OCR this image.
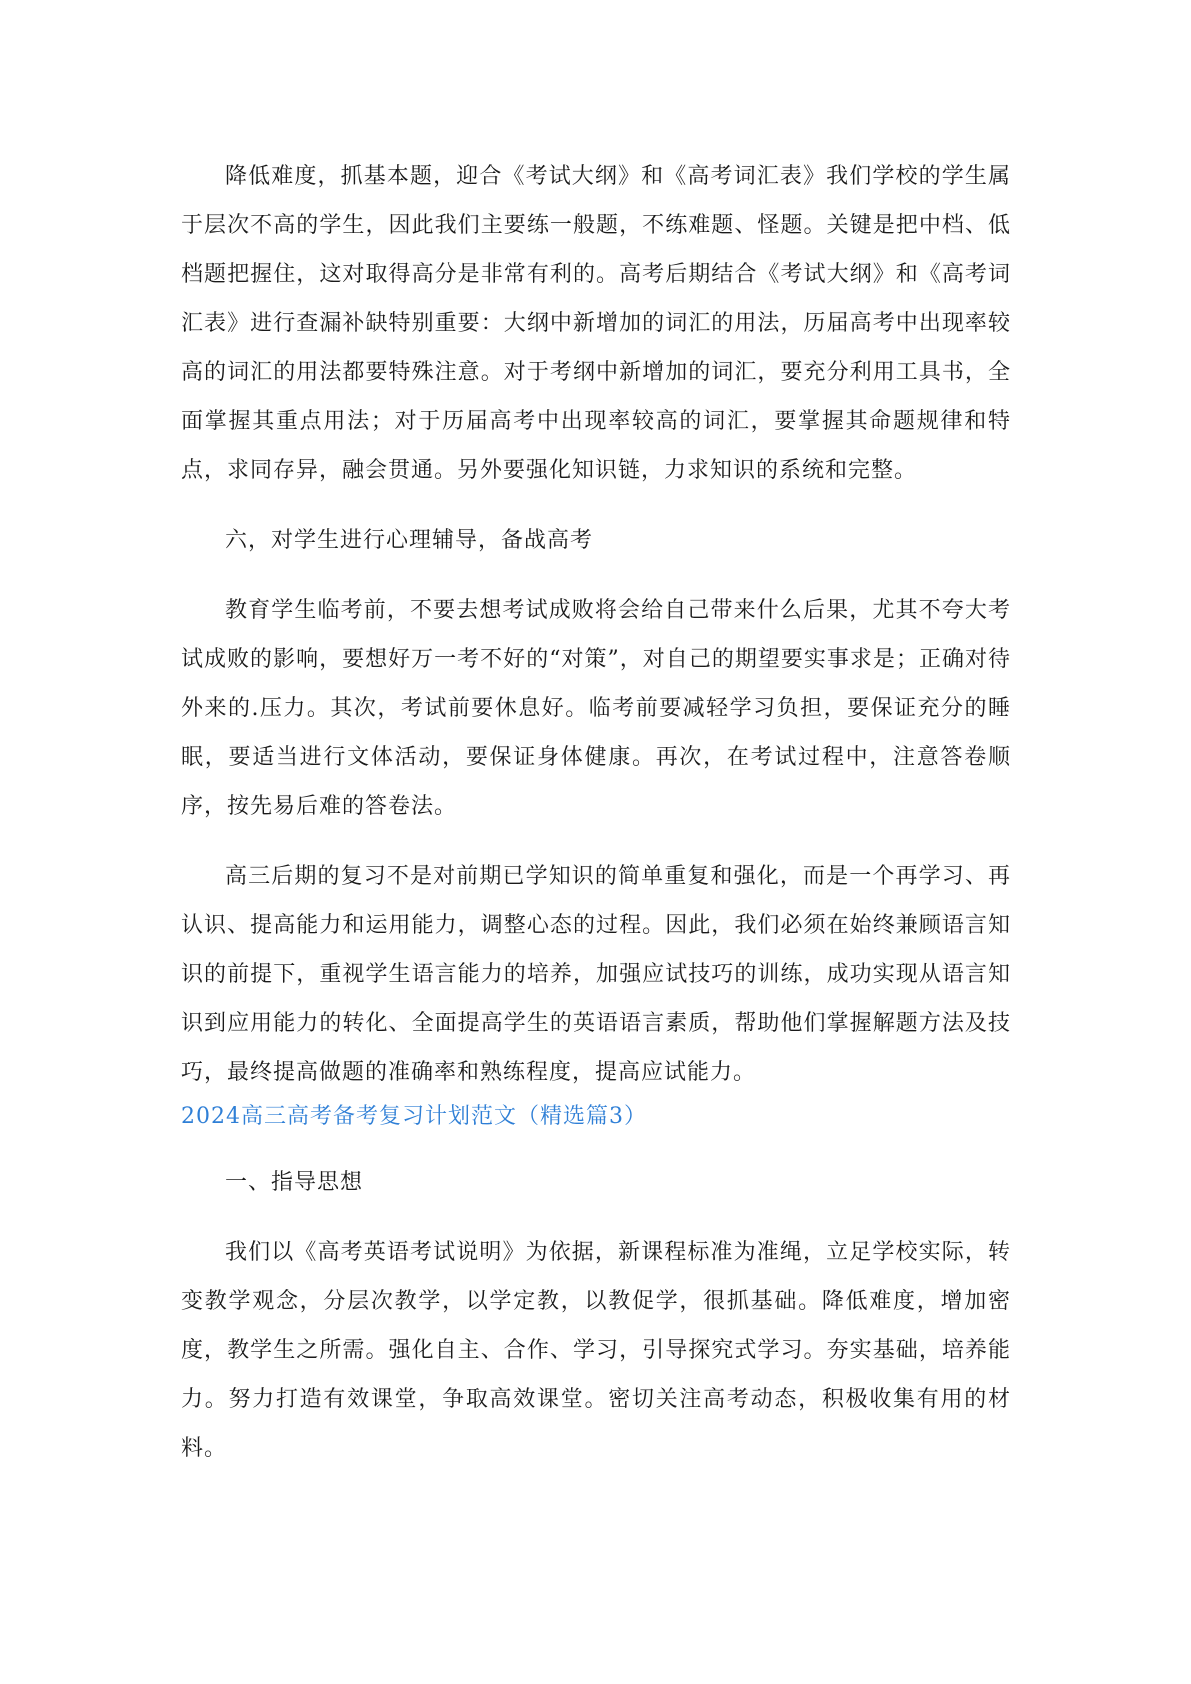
降低难度，抓基本题，迎合《考试大纲》和《高考词汇表》我们学校的学生属于层次不高的学生，因此我们主要练一般题，不练难题、怪题。关键是把中档、低档题把握住，这对取得高分是非常有利的。高考后期结合《考试大纲》和《高考词汇表》进行查漏补缺特别重要：大纲中新增加的词汇的用法，历届高考中出现率较高的词汇的用法都要特殊注意。对于考纲中新增加的词汇，要充分利用工具书，全面掌握其重点用法；对于历届高考中出现率较高的词汇，要掌握其命题规律和特点，求同存异，融会贯通。另外要强化知识链，力求知识的系统和完整。

六，对学生进行心理辅导，备战高考

教育学生临考前，不要去想考试成败将会给自己带来什么后果，尤其不夸大考试成败的影响，要想好万一考不好的“对策”，对自己的期望要实事求是；正确对待外来的.压力。其次，考试前要休息好。临考前要减轻学习负担，要保证充分的睡眠，要适当进行文体活动，要保证身体健康。再次，在考试过程中，注意答卷顺序，按先易后难的答卷法。

高三后期的复习不是对前期已学知识的简单重复和强化，而是一个再学习、再认识、提高能力和运用能力，调整心态的过程。因此，我们必须在始终兼顾语言知识的前提下，重视学生语言能力的培养，加强应试技巧的训练，成功实现从语言知识到应用能力的转化、全面提高学生的英语语言素质，帮助他们掌握解题方法及技巧，最终提高做题的准确率和熟练程度，提高应试能力。

2024高三高考备考复习计划范文（精选篇3）

一、指导思想

我们以《高考英语考试说明》为依据，新课程标准为准绳，立足学校实际，转变教学观念，分层次教学，以学定教，以教促学，很抓基础。降低难度，增加密度，教学生之所需。强化自主、合作、学习，引导探究式学习。夯实基础，培养能力。努力打造有效课堂，争取高效课堂。密切关注高考动态，积极收集有用的材料。
